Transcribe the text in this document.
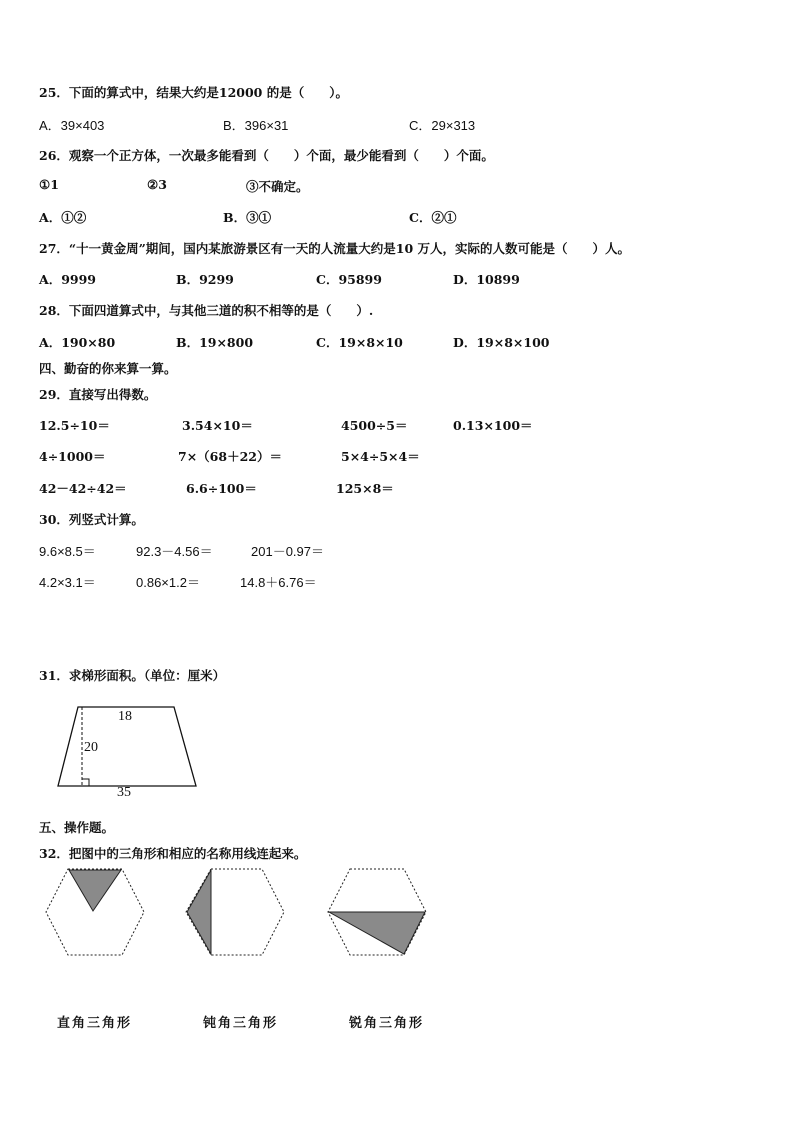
25．下面的算式中，结果大约是12000 的是（　　）。
A．39×403	B．396×31	C．29×313
26．观察一个正方体，一次最多能看到（　　）个面，最少能看到（　　）个面。
①1	②3	③不确定。
A．①②	B．③①	C．②①
27．“十一黄金周”期间，国内某旅游景区有一天的人流量大约是10 万人，实际的人数可能是（　　）人。
A．9999	B．9299	C．95899	D．10899
28．下面四道算式中，与其他三道的积不相等的是（　　）.
A．190×80	B．19×800	C．19×8×10	D．19×8×100
四、勤奋的你来算一算。
29．直接写出得数。
12.5÷10＝	3.54×10＝	4500÷5＝	0.13×100＝
4÷1000＝	7×（68＋22）＝	5×4÷5×4＝
42－42÷42＝	6.6÷100＝	125×8＝
30．列竖式计算。
9.6×8.5＝	92.3－4.56＝	201－0.97＝
4.2×3.1＝	0.86×1.2＝	14.8＋6.76＝
31．求梯形面积。（单位：厘米）
18
20
35
五、操作题。
32．把图中的三角形和相应的名称用线连起来。
直角三角形	钝角三角形	锐角三角形
